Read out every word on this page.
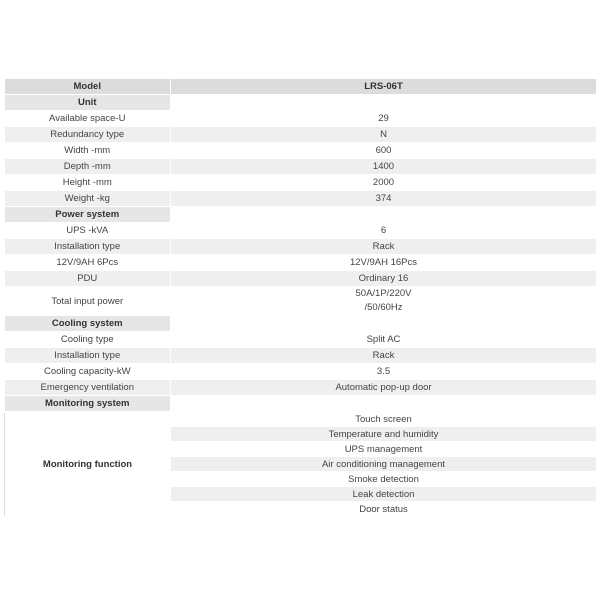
Model	LRS-06T
Unit	
Available space-U	29
Redundancy type	N
Width -mm	600
Depth -mm	1400
Height -mm	2000
Weight -kg	374
Power system	
UPS -kVA	6
Installation type	Rack
12V/9AH 6Pcs	12V/9AH 16Pcs
PDU	Ordinary 16
Total input power	50A/1P/220V
/50/60Hz

Cooling system	
Cooling type	Split AC
Installation type	Rack
Cooling capacity-kW	3.5
Emergency ventilation	Automatic pop-up door
Monitoring system	
Monitoring function	Touch screen
	Temperature and humidity
	UPS management
	Air conditioning management
	Smoke detection
	Leak detection
	Door status
